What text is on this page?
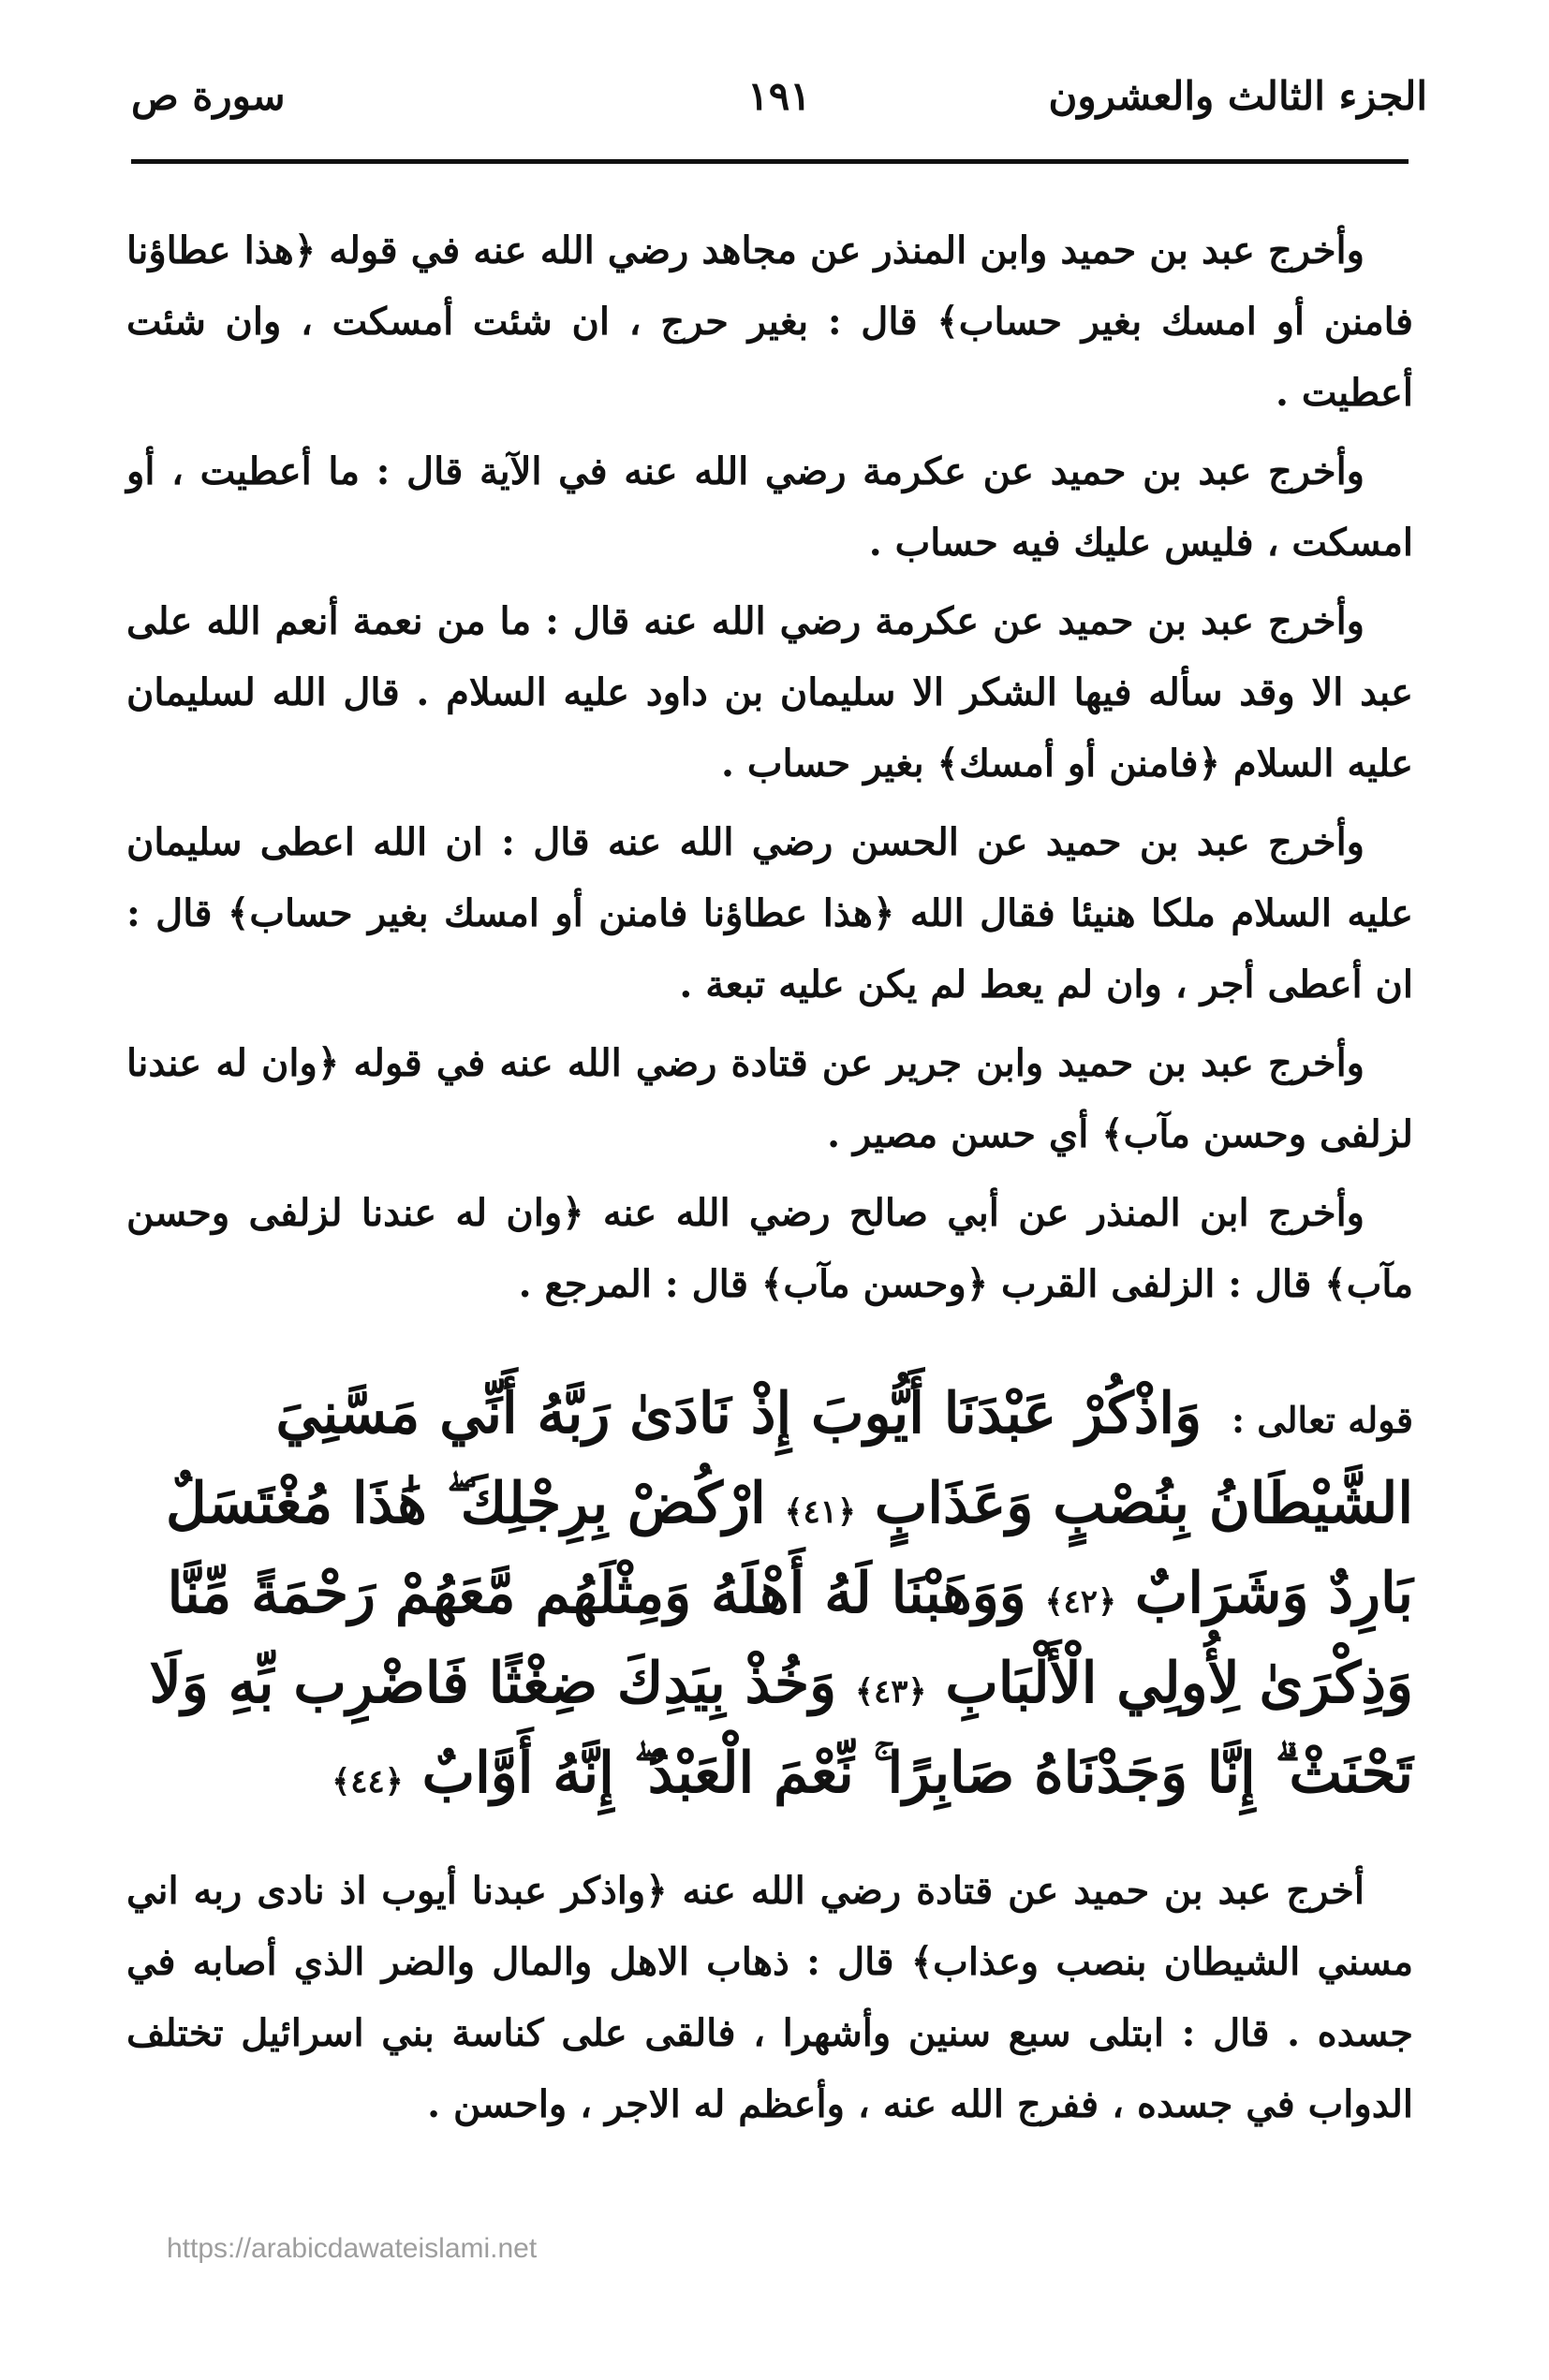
الجزء الثالث والعشرون
١٩١
سورة ص

وأخرج عبد بن حميد وابن المنذر عن مجاهد رضي الله عنه في قوله ﴿هذا عطاؤنا فامنن أو امسك بغير حساب﴾ قال : بغير حرج ، ان شئت أمسكت ، وان شئت أعطيت .

وأخرج عبد بن حميد عن عكرمة رضي الله عنه في الآية قال : ما أعطيت ، أو امسكت ، فليس عليك فيه حساب .

وأخرج عبد بن حميد عن عكرمة رضي الله عنه قال : ما من نعمة أنعم الله على عبد الا وقد سأله فيها الشكر الا سليمان بن داود عليه السلام . قال الله لسليمان عليه السلام ﴿فامنن أو أمسك﴾ بغير حساب .

وأخرج عبد بن حميد عن الحسن رضي الله عنه قال : ان الله اعطى سليمان عليه السلام ملكا هنيئا فقال الله ﴿هذا عطاؤنا فامنن أو امسك بغير حساب﴾ قال : ان أعطى أجر ، وان لم يعط لم يكن عليه تبعة .

وأخرج عبد بن حميد وابن جرير عن قتادة رضي الله عنه في قوله ﴿وان له عندنا لزلفى وحسن مآب﴾ أي حسن مصير .

وأخرج ابن المنذر عن أبي صالح رضي الله عنه ﴿وان له عندنا لزلفى وحسن مآب﴾ قال : الزلفى القرب ﴿وحسن مآب﴾ قال : المرجع .

قوله تعالى : وَاذْكُرْ عَبْدَنَا أَيُّوبَ إِذْ نَادَىٰ رَبَّهُ أَنِّي مَسَّنِيَ الشَّيْطَانُ بِنُصْبٍ وَعَذَابٍ ﴿٤١﴾ ارْكُضْ بِرِجْلِكَ ۖ هَٰذَا مُغْتَسَلٌ بَارِدٌ وَشَرَابٌ ﴿٤٢﴾ وَوَهَبْنَا لَهُ أَهْلَهُ وَمِثْلَهُم مَّعَهُمْ رَحْمَةً مِّنَّا وَذِكْرَىٰ لِأُولِي الْأَلْبَابِ ﴿٤٣﴾ وَخُذْ بِيَدِكَ ضِغْثًا فَاضْرِب بِّهِ وَلَا تَحْنَثْ ۗ إِنَّا وَجَدْنَاهُ صَابِرًا ۚ نِّعْمَ الْعَبْدُ ۖ إِنَّهُ أَوَّابٌ ﴿٤٤﴾

أخرج عبد بن حميد عن قتادة رضي الله عنه ﴿واذكر عبدنا أيوب اذ نادى ربه اني مسني الشيطان بنصب وعذاب﴾ قال : ذهاب الاهل والمال والضر الذي أصابه في جسده . قال : ابتلى سبع سنين وأشهرا ، فالقى على كناسة بني اسرائيل تختلف الدواب في جسده ، ففرج الله عنه ، وأعظم له الاجر ، واحسن .

https://arabicdawateislami.net
